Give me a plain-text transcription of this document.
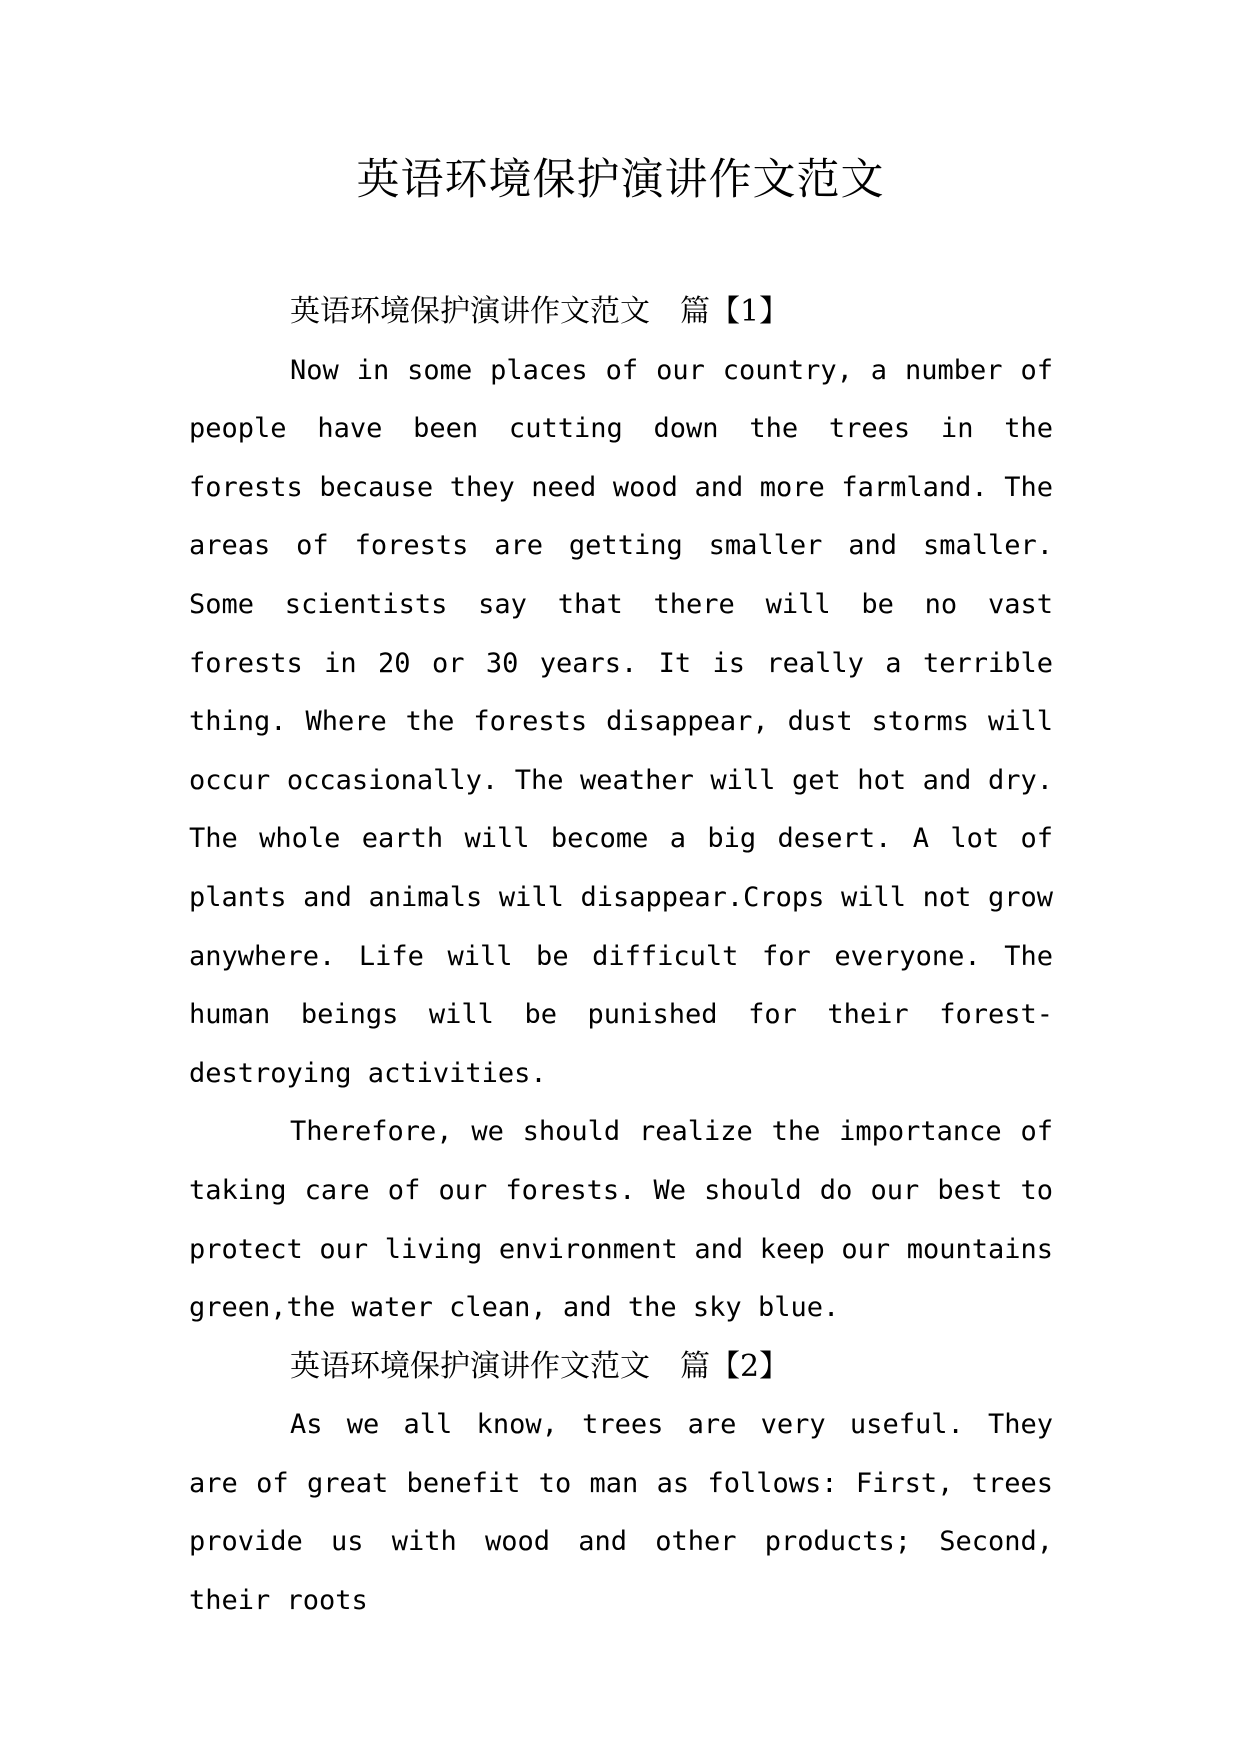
英语环境保护演讲作文范文

英语环境保护演讲作文范文　篇【1】

Now in some places of our country, a number of people have been cutting down the trees in the forests because they need wood and more farmland. The areas of forests are getting smaller and smaller. Some scientists say that there will be no vast forests in 20 or 30 years. It is really a terrible thing. Where the forests disappear, dust storms will occur occasionally. The weather will get hot and dry. The whole earth will become a big desert. A lot of plants and animals will disappear.Crops will not grow anywhere. Life will be difficult for everyone. The human beings will be punished for their forest-destroying activities.

Therefore, we should realize the importance of taking care of our forests. We should do our best to protect our living environment and keep our mountains green,the water clean, and the sky blue.

英语环境保护演讲作文范文　篇【2】

As we all know, trees are very useful. They are of great benefit to man as follows: First, trees provide us with wood and other products; Second, their roots
